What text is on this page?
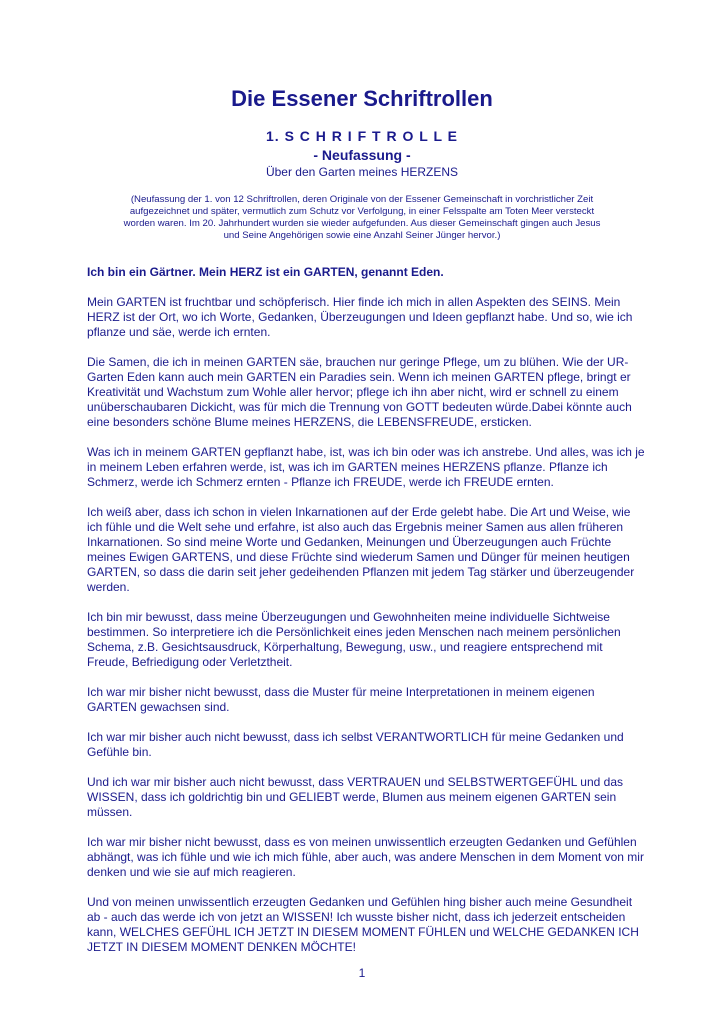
Die Essener Schriftrollen
1. S C H R I F T R O L L E
- Neufassung -
Über den Garten meines HERZENS

(Neufassung der 1. von 12 Schriftrollen, deren Originale von der Essener Gemeinschaft in vorchristlicher Zeit aufgezeichnet und später, vermutlich zum Schutz vor Verfolgung, in einer Felsspalte am Toten Meer versteckt worden waren. Im 20. Jahrhundert wurden sie wieder aufgefunden. Aus dieser Gemeinschaft gingen auch Jesus und Seine Angehörigen sowie eine Anzahl Seiner Jünger hervor.)

Ich bin ein Gärtner. Mein HERZ ist ein GARTEN, genannt Eden.

Mein GARTEN ist fruchtbar und schöpferisch. Hier finde ich mich in allen Aspekten des SEINS. Mein HERZ ist der Ort, wo ich Worte, Gedanken, Überzeugungen und Ideen gepflanzt habe. Und so, wie ich pflanze und säe, werde ich ernten.

Die Samen, die ich in meinen GARTEN säe, brauchen nur geringe Pflege, um zu blühen. Wie der UR-Garten Eden kann auch mein GARTEN ein Paradies sein. Wenn ich meinen GARTEN pflege, bringt er Kreativität und Wachstum zum Wohle aller hervor; pflege ich ihn aber nicht, wird er schnell zu einem unüberschaubaren Dickicht, was für mich die Trennung von GOTT bedeuten würde.Dabei könnte auch eine besonders schöne Blume meines HERZENS, die LEBENSFREUDE, ersticken.

Was ich in meinem GARTEN gepflanzt habe, ist, was ich bin oder was ich anstrebe. Und alles, was ich je in meinem Leben erfahren werde, ist, was ich im GARTEN meines HERZENS pflanze. Pflanze ich Schmerz, werde ich Schmerz ernten - Pflanze ich FREUDE, werde ich FREUDE ernten.

Ich weiß aber, dass ich schon in vielen Inkarnationen auf der Erde gelebt habe. Die Art und Weise, wie ich fühle und die Welt sehe und erfahre, ist also auch das Ergebnis meiner Samen aus allen früheren Inkarnationen. So sind meine Worte und Gedanken, Meinungen und Überzeugungen auch Früchte meines Ewigen GARTENS, und diese Früchte sind wiederum Samen und Dünger für meinen heutigen GARTEN, so dass die darin seit jeher gedeihenden Pflanzen mit jedem Tag stärker und überzeugender werden.

Ich bin mir bewusst, dass meine Überzeugungen und Gewohnheiten meine individuelle Sichtweise bestimmen. So interpretiere ich die Persönlichkeit eines jeden Menschen nach meinem persönlichen Schema, z.B. Gesichtsausdruck, Körperhaltung, Bewegung, usw., und reagiere entsprechend mit Freude, Befriedigung oder Verletztheit.

Ich war mir bisher nicht bewusst, dass die Muster für meine Interpretationen in meinem eigenen GARTEN gewachsen sind.

Ich war mir bisher auch nicht bewusst, dass ich selbst VERANTWORTLICH für meine Gedanken und Gefühle bin.

Und ich war mir bisher auch nicht bewusst, dass VERTRAUEN und SELBSTWERTGEFÜHL und das WISSEN, dass ich goldrichtig bin und GELIEBT werde, Blumen aus meinem eigenen GARTEN sein müssen.

Ich war mir bisher nicht bewusst, dass es von meinen unwissentlich erzeugten Gedanken und Gefühlen abhängt, was ich fühle und wie ich mich fühle, aber auch, was andere Menschen in dem Moment von mir denken und wie sie auf mich reagieren.

Und von meinen unwissentlich erzeugten Gedanken und Gefühlen hing bisher auch meine Gesundheit ab - auch das werde ich von jetzt an WISSEN! Ich wusste bisher nicht, dass ich jederzeit entscheiden kann, WELCHES GEFÜHL ICH JETZT IN DIESEM MOMENT FÜHLEN und WELCHE GEDANKEN ICH JETZT IN DIESEM MOMENT DENKEN MÖCHTE!

1
